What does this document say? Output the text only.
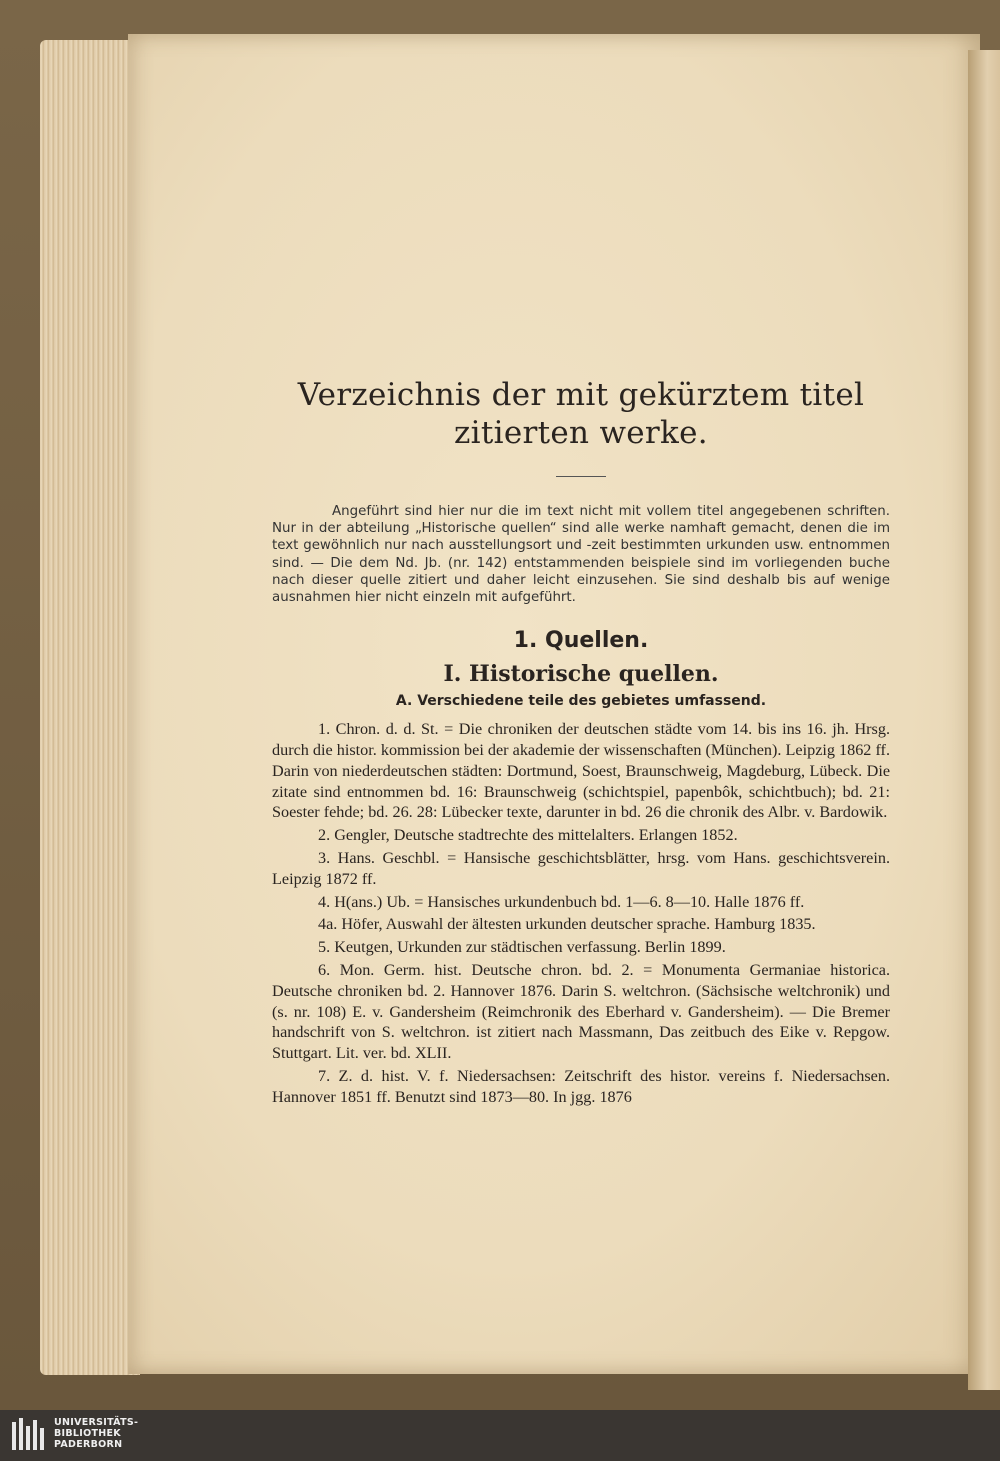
Verzeichnis der mit gekürztem titel
zitierten werke.

Angeführt sind hier nur die im text nicht mit vollem titel angegebenen schriften. Nur in der abteilung „Historische quellen“ sind alle werke namhaft gemacht, denen die im text gewöhnlich nur nach ausstellungsort und -zeit bestimmten urkunden usw. entnommen sind. — Die dem Nd. Jb. (nr. 142) entstammenden beispiele sind im vorliegenden buche nach dieser quelle zitiert und daher leicht einzusehen. Sie sind deshalb bis auf wenige ausnahmen hier nicht einzeln mit aufgeführt.

1. Quellen.
I. Historische quellen.
A. Verschiedene teile des gebietes umfassend.

1. Chron. d. d. St. = Die chroniken der deutschen städte vom 14. bis ins 16. jh. Hrsg. durch die histor. kommission bei der akademie der wissenschaften (München). Leipzig 1862 ff. Darin von niederdeutschen städten: Dortmund, Soest, Braunschweig, Magdeburg, Lübeck. Die zitate sind entnommen bd. 16: Braunschweig (schichtspiel, papenbôk, schichtbuch); bd. 21: Soester fehde; bd. 26. 28: Lübecker texte, darunter in bd. 26 die chronik des Albr. v. Bardowik.

2. Gengler, Deutsche stadtrechte des mittelalters. Erlangen 1852.

3. Hans. Geschbl. = Hansische geschichtsblätter, hrsg. vom Hans. geschichtsverein. Leipzig 1872 ff.

4. H(ans.) Ub. = Hansisches urkundenbuch bd. 1—6. 8—10. Halle 1876 ff.

4a. Höfer, Auswahl der ältesten urkunden deutscher sprache. Hamburg 1835.

5. Keutgen, Urkunden zur städtischen verfassung. Berlin 1899.

6. Mon. Germ. hist. Deutsche chron. bd. 2. = Monumenta Germaniae historica. Deutsche chroniken bd. 2. Hannover 1876. Darin S. weltchron. (Sächsische weltchronik) und (s. nr. 108) E. v. Gandersheim (Reimchronik des Eberhard v. Gandersheim). — Die Bremer handschrift von S. weltchron. ist zitiert nach Massmann, Das zeitbuch des Eike v. Repgow. Stuttgart. Lit. ver. bd. XLII.

7. Z. d. hist. V. f. Niedersachsen: Zeitschrift des histor. vereins f. Niedersachsen. Hannover 1851 ff. Benutzt sind 1873—80. In jgg. 1876

UNIVERSITÄTS-
BIBLIOTHEK
PADERBORN
